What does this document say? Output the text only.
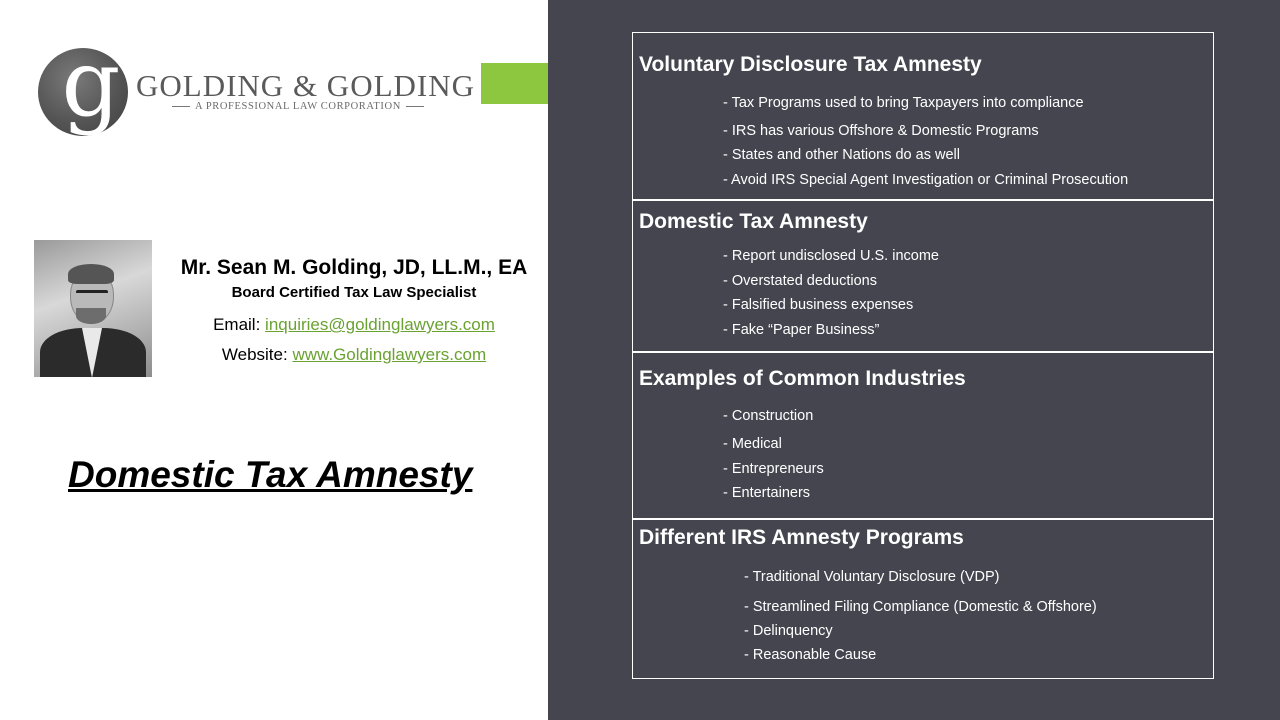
g GOLDING & GOLDING
A PROFESSIONAL LAW CORPORATION
Mr. Sean M. Golding, JD, LL.M., EA
Board Certified Tax Law Specialist
Email: inquiries@goldinglawyers.com
Website: www.Goldinglawyers.com
Domestic Tax Amnesty
Voluntary Disclosure Tax Amnesty
- Tax Programs used to bring Taxpayers into compliance
- IRS has various Offshore & Domestic Programs
- States and other Nations do as well
- Avoid IRS Special Agent Investigation or Criminal Prosecution
Domestic Tax Amnesty
- Report undisclosed U.S. income
- Overstated deductions
- Falsified business expenses
- Fake “Paper Business”
Examples of Common Industries
- Construction
- Medical
- Entrepreneurs
- Entertainers
Different IRS Amnesty Programs
- Traditional Voluntary Disclosure (VDP)
- Streamlined Filing Compliance (Domestic & Offshore)
- Delinquency
- Reasonable Cause
